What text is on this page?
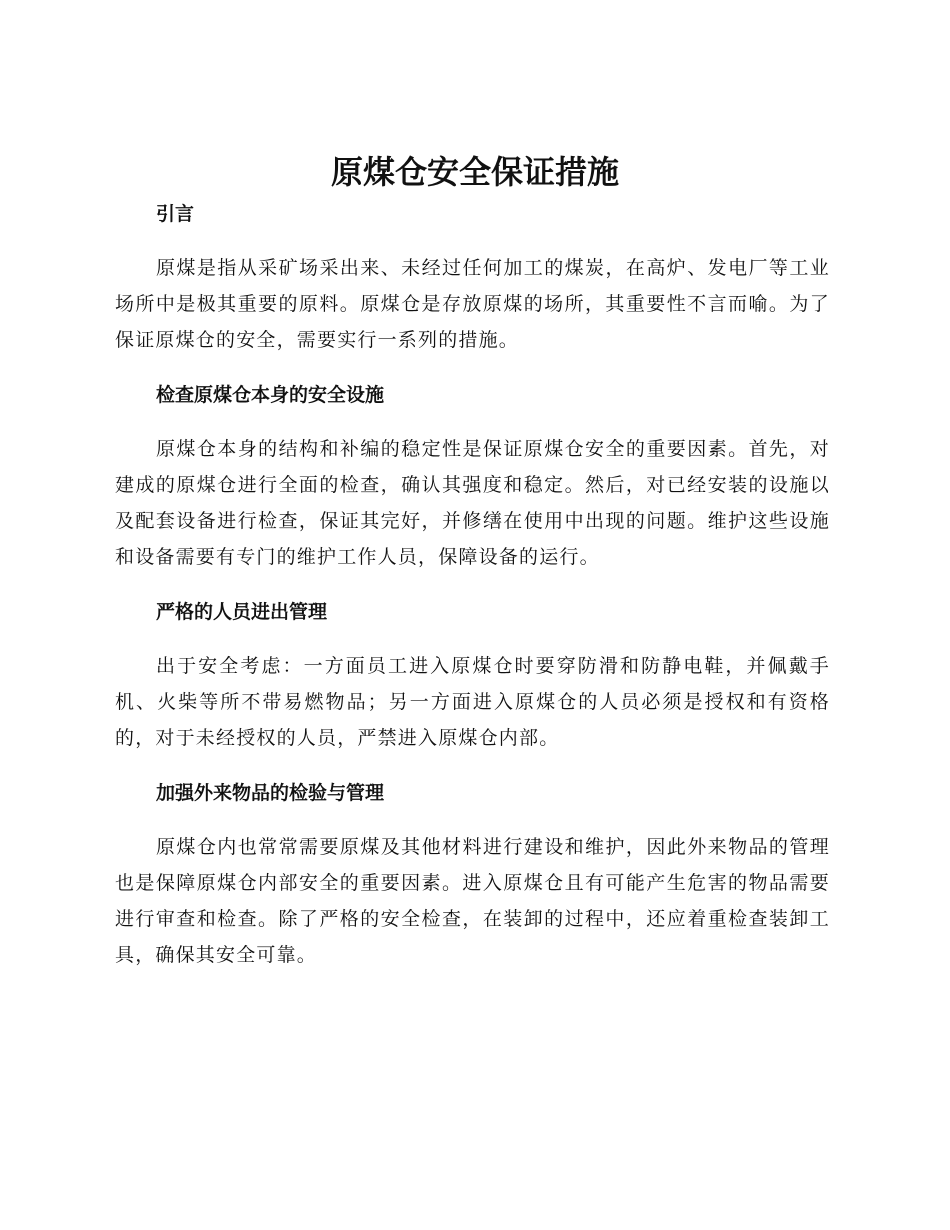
原煤仓安全保证措施
引言

原煤是指从采矿场采出来、未经过任何加工的煤炭，在高炉、发电厂等工业场所中是极其重要的原料。原煤仓是存放原煤的场所，其重要性不言而喻。为了保证原煤仓的安全，需要实行一系列的措施。

检查原煤仓本身的安全设施

原煤仓本身的结构和补编的稳定性是保证原煤仓安全的重要因素。首先，对建成的原煤仓进行全面的检查，确认其强度和稳定。然后，对已经安装的设施以及配套设备进行检查，保证其完好，并修缮在使用中出现的问题。维护这些设施和设备需要有专门的维护工作人员，保障设备的运行。

严格的人员进出管理

出于安全考虑：一方面员工进入原煤仓时要穿防滑和防静电鞋，并佩戴手机、火柴等所不带易燃物品；另一方面进入原煤仓的人员必须是授权和有资格的，对于未经授权的人员，严禁进入原煤仓内部。

加强外来物品的检验与管理

原煤仓内也常常需要原煤及其他材料进行建设和维护，因此外来物品的管理也是保障原煤仓内部安全的重要因素。进入原煤仓且有可能产生危害的物品需要进行审查和检查。除了严格的安全检查，在装卸的过程中，还应着重检查装卸工具，确保其安全可靠。
